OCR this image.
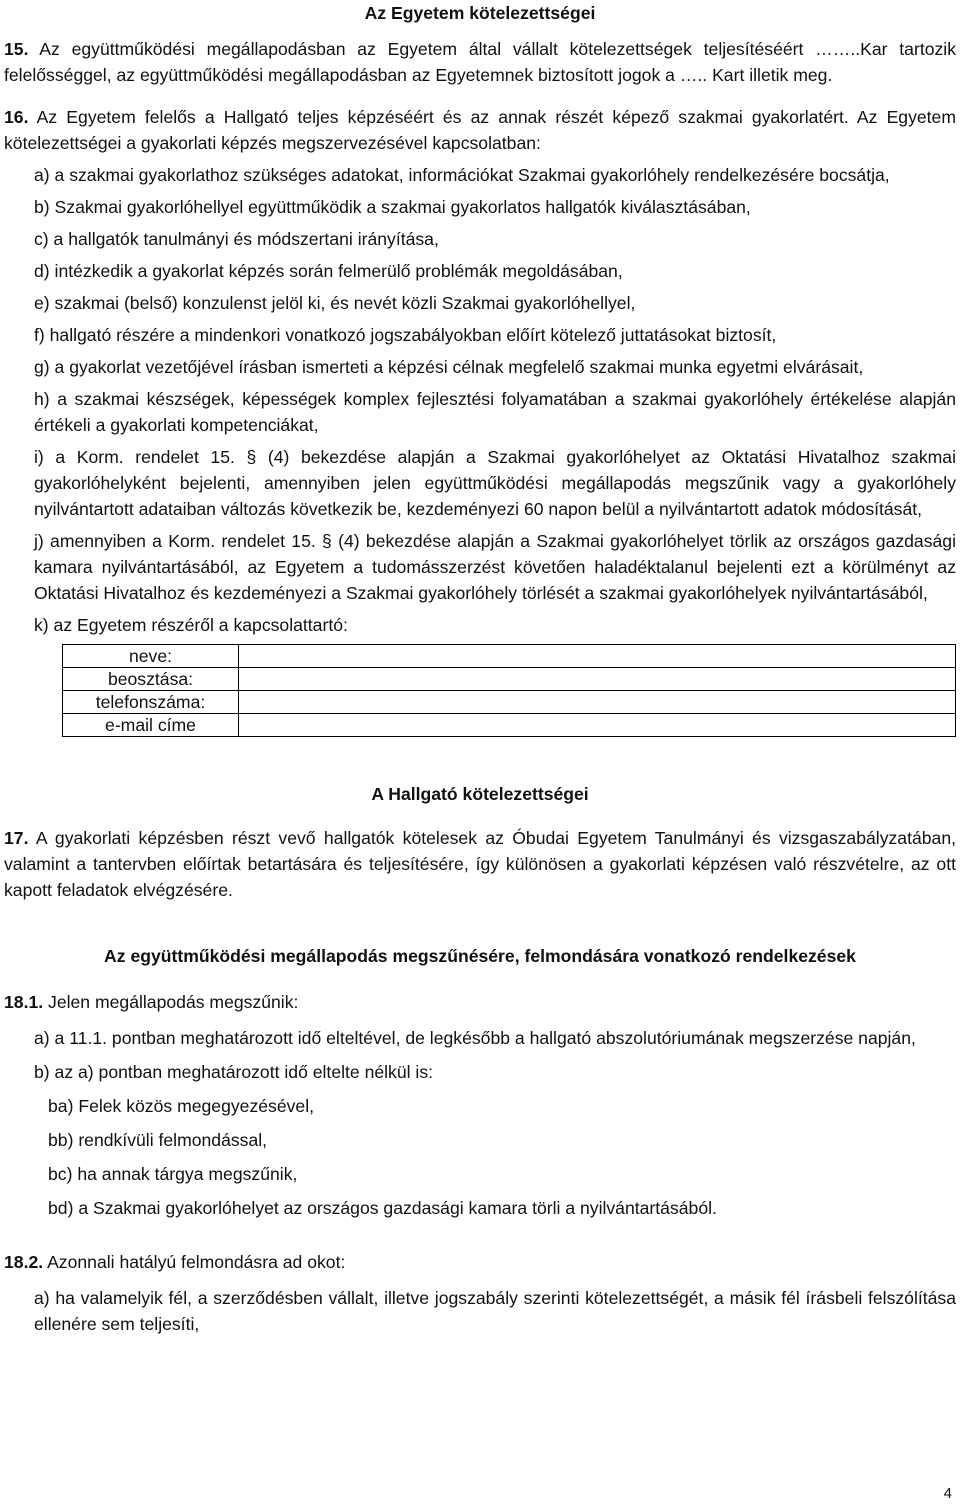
Az Egyetem kötelezettségei

15. Az együttműködési megállapodásban az Egyetem által vállalt kötelezettségek teljesítéséért ……..Kar tartozik felelősséggel, az együttműködési megállapodásban az Egyetemnek biztosított jogok a ….. Kart illetik meg.

16. Az Egyetem felelős a Hallgató teljes képzéséért és az annak részét képező szakmai gyakorlatért. Az Egyetem kötelezettségei a gyakorlati képzés megszervezésével kapcsolatban:

a) a szakmai gyakorlathoz szükséges adatokat, információkat Szakmai gyakorlóhely rendelkezésére bocsátja,

b) Szakmai gyakorlóhellyel együttműködik a szakmai gyakorlatos hallgatók kiválasztásában,

c) a hallgatók tanulmányi és módszertani irányítása,

d) intézkedik a gyakorlat képzés során felmerülő problémák megoldásában,

e) szakmai (belső) konzulenst jelöl ki, és nevét közli Szakmai gyakorlóhellyel,

f) hallgató részére a mindenkori vonatkozó jogszabályokban előírt kötelező juttatásokat biztosít,

g) a gyakorlat vezetőjével írásban ismerteti a képzési célnak megfelelő szakmai munka egyetmi elvárásait,

h) a szakmai készségek, képességek komplex fejlesztési folyamatában a szakmai gyakorlóhely értékelése alapján értékeli a gyakorlati kompetenciákat,

i) a Korm. rendelet 15. § (4) bekezdése alapján a Szakmai gyakorlóhelyet az Oktatási Hivatalhoz szakmai gyakorlóhelyként bejelenti, amennyiben jelen együttműködési megállapodás megszűnik vagy a gyakorlóhely nyilvántartott adataiban változás következik be, kezdeményezi 60 napon belül a nyilvántartott adatok módosítását,

j) amennyiben a Korm. rendelet 15. § (4) bekezdése alapján a Szakmai gyakorlóhelyet törlik az országos gazdasági kamara nyilvántartásából, az Egyetem a tudomásszerzést követően haladéktalanul bejelenti ezt a körülményt az Oktatási Hivatalhoz és kezdeményezi a Szakmai gyakorlóhely törlését a szakmai gyakorlóhelyek nyilvántartásából,

k) az Egyetem részéről a kapcsolattartó:

neve:	
beosztása:	
telefonszáma:	
e-mail címe	

A Hallgató kötelezettségei

17. A gyakorlati képzésben részt vevő hallgatók kötelesek az Óbudai Egyetem Tanulmányi és vizsgaszabályzatában, valamint a tantervben előírtak betartására és teljesítésére, így különösen a gyakorlati képzésen való részvételre, az ott kapott feladatok elvégzésére.

Az együttműködési megállapodás megszűnésére, felmondására vonatkozó rendelkezések

18.1. Jelen megállapodás megszűnik:

a) a 11.1. pontban meghatározott idő elteltével, de legkésőbb a hallgató abszolutóriumának megszerzése napján,

b) az a) pontban meghatározott idő eltelte nélkül is:

ba) Felek közös megegyezésével,

bb) rendkívüli felmondással,

bc) ha annak tárgya megszűnik,

bd) a Szakmai gyakorlóhelyet az országos gazdasági kamara törli a nyilvántartásából.

18.2. Azonnali hatályú felmondásra ad okot:

a) ha valamelyik fél, a szerződésben vállalt, illetve jogszabály szerinti kötelezettségét, a másik fél írásbeli felszólítása ellenére sem teljesíti,

4
